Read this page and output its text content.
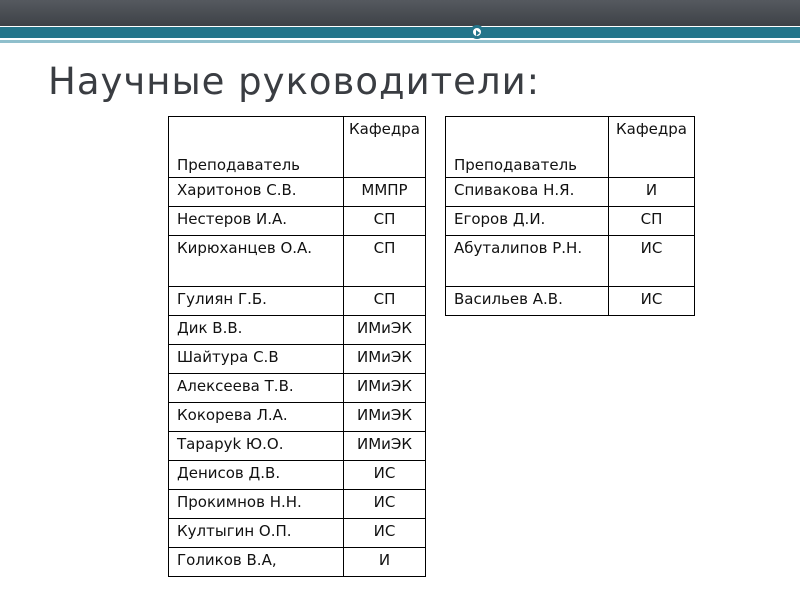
Научные руководители:
Преподаватель	Кафедра
Харитонов С.В.	ММПР
Нестеров И.А.	СП
Кирюханцев О.А.	СП
Гулиян Г.Б.	СП
Дик В.В.	ИМиЭК
Шайтура С.В	ИМиЭК
Алексеева Т.В.	ИМиЭК
Кокорева Л.А.	ИМиЭК
Тараруk Ю.О.	ИМиЭК
Денисов Д.В.	ИС
Прокимнов Н.Н.	ИС
Култыгин О.П.	ИС
Голиков В.А,	И
Преподаватель	Кафедра
Спивакова Н.Я.	И
Егоров Д.И.	СП
Абуталипов Р.Н.	ИС
Васильев А.В.	ИС
